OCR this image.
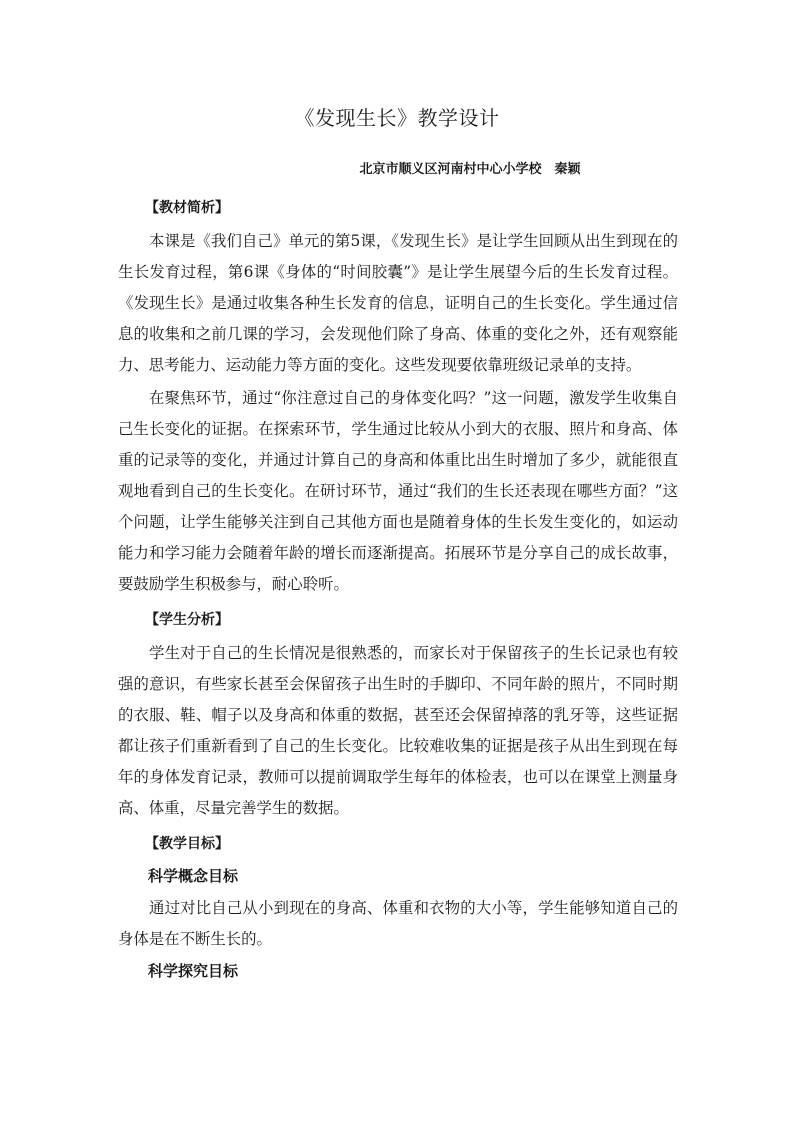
《发现生长》教学设计
北京市顺义区河南村中心小学校　秦颖

【教材简析】

本课是《我们自己》单元的第5课，《发现生长》是让学生回顾从出生到现在的生长发育过程，第6课《身体的“时间胶囊”》是让学生展望今后的生长发育过程。《发现生长》是通过收集各种生长发育的信息，证明自己的生长变化。学生通过信息的收集和之前几课的学习，会发现他们除了身高、体重的变化之外，还有观察能力、思考能力、运动能力等方面的变化。这些发现要依靠班级记录单的支持。

在聚焦环节，通过“你注意过自己的身体变化吗？”这一问题，激发学生收集自己生长变化的证据。在探索环节，学生通过比较从小到大的衣服、照片和身高、体重的记录等的变化，并通过计算自己的身高和体重比出生时增加了多少，就能很直观地看到自己的生长变化。在研讨环节，通过“我们的生长还表现在哪些方面？”这个问题，让学生能够关注到自己其他方面也是随着身体的生长发生变化的，如运动能力和学习能力会随着年龄的增长而逐渐提高。拓展环节是分享自己的成长故事，要鼓励学生积极参与，耐心聆听。

【学生分析】

学生对于自己的生长情况是很熟悉的，而家长对于保留孩子的生长记录也有较强的意识，有些家长甚至会保留孩子出生时的手脚印、不同年龄的照片，不同时期的衣服、鞋、帽子以及身高和体重的数据，甚至还会保留掉落的乳牙等，这些证据都让孩子们重新看到了自己的生长变化。比较难收集的证据是孩子从出生到现在每年的身体发育记录，教师可以提前调取学生每年的体检表，也可以在课堂上测量身高、体重，尽量完善学生的数据。

【教学目标】

科学概念目标

通过对比自己从小到现在的身高、体重和衣物的大小等，学生能够知道自己的身体是在不断生长的。

科学探究目标
